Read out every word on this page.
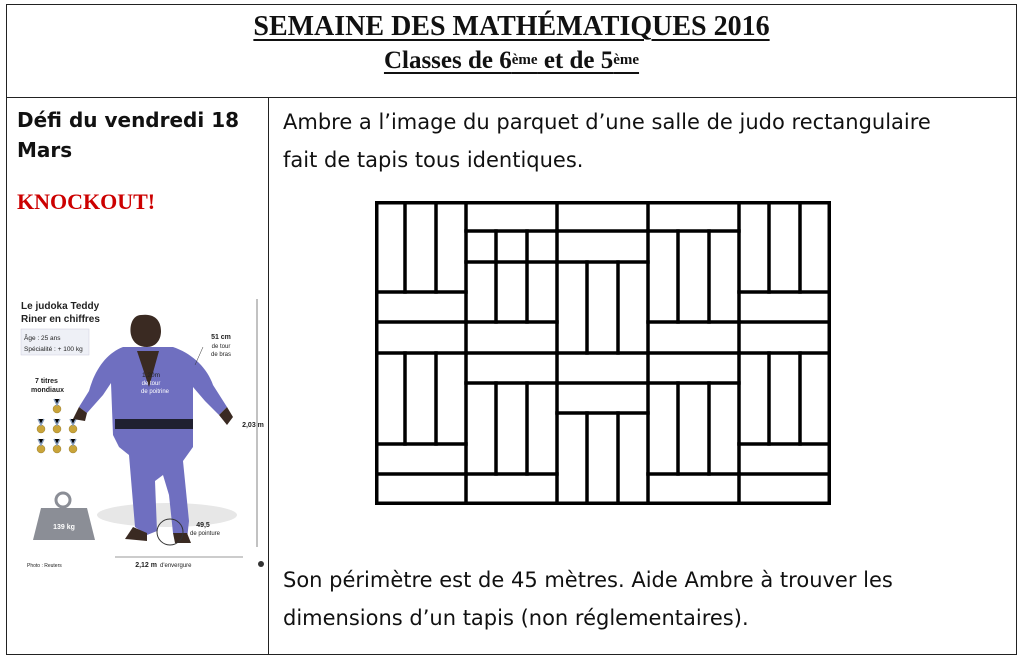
SEMAINE DES MATHÉMATIQUES 2016
Classes de 6ème et de 5ème
Défi du vendredi 18 Mars
KNOCKOUT!
Le judoka Teddy
Riner en chiffres
Âge : 25 ans
Spécialité : + 100 kg
7 titres
mondiaux
139 kg
Photo : Reuters
1,20m
de tour
de poitrine
51 cm
de tour
de bras
2,03 m
49,5
de pointure
2,12 m d'envergure
Ambre a l’image du parquet d’une salle de judo rectangulaire
fait de tapis tous identiques.
Son périmètre est de 45 mètres. Aide Ambre à trouver les
dimensions d’un tapis (non réglementaires).
